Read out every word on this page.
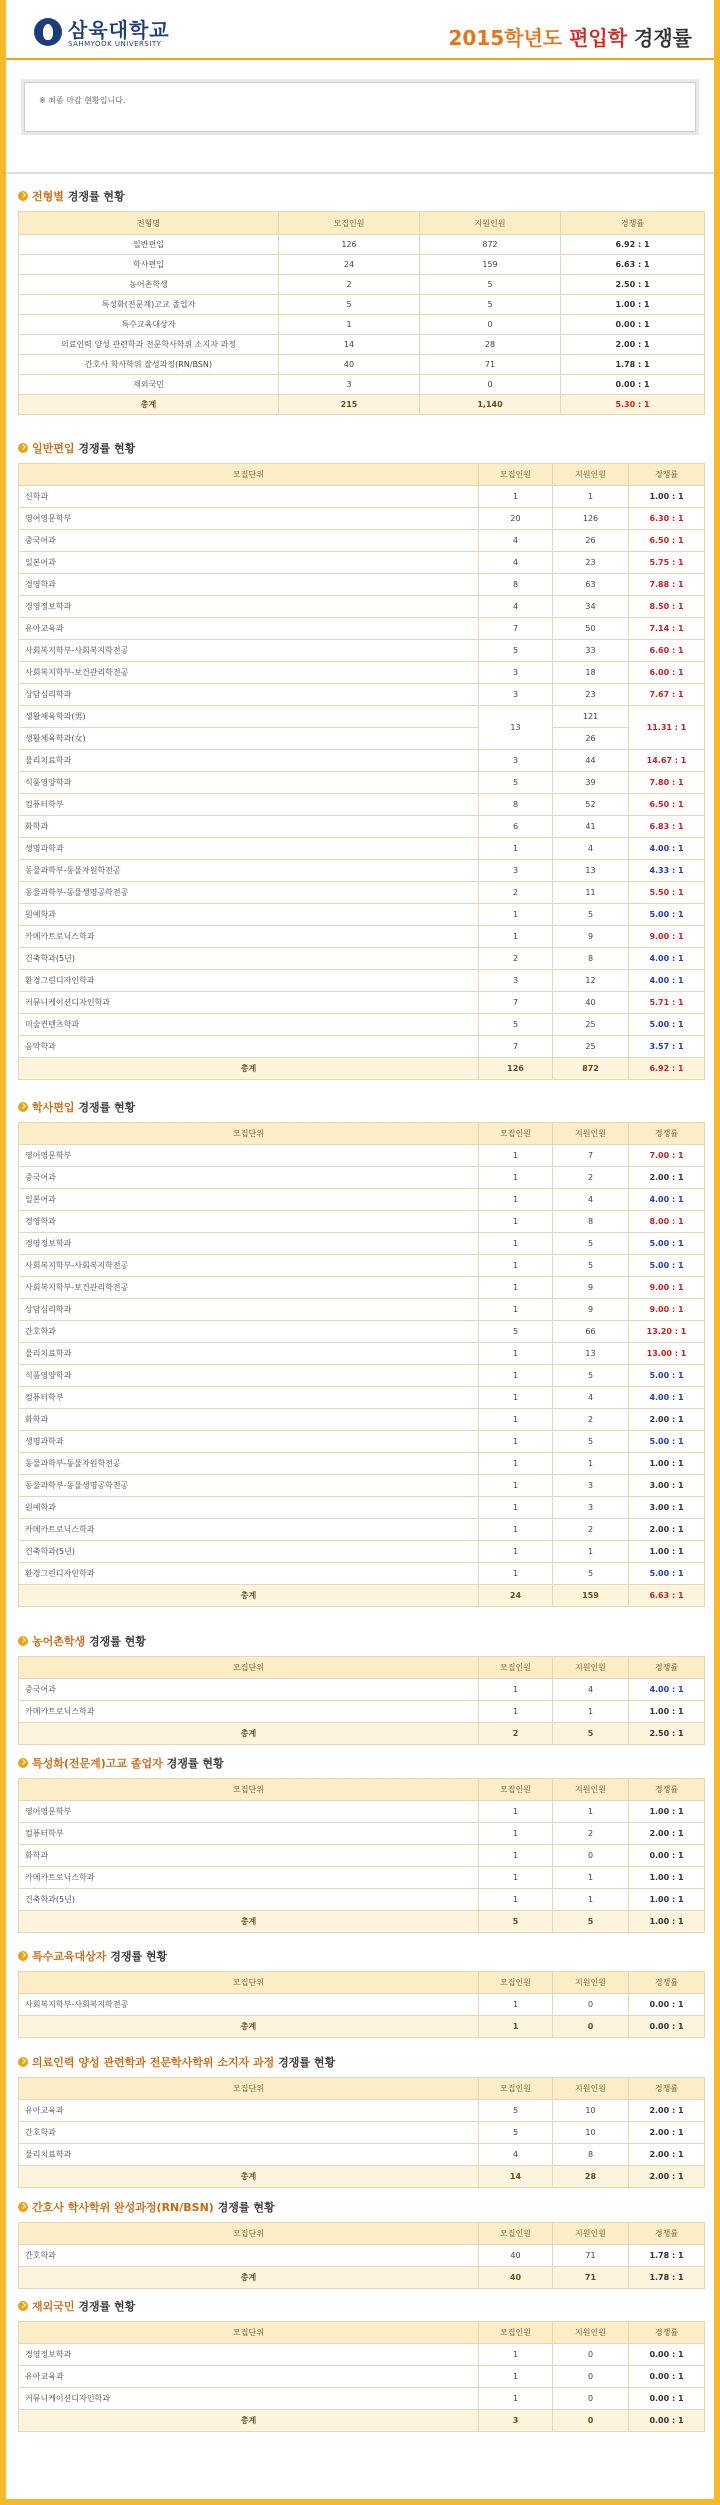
삼육대학교
SAHMYOOK UNIVERSITY	2015학년도 편입학 경쟁률
※ 최종 마감 현황입니다.
전형별 경쟁률 현황
전형명	모집인원	지원인원	경쟁률
일반편입	126	872	6.92 : 1
학사편입	24	159	6.63 : 1
농어촌학생	2	5	2.50 : 1
특성화(전문계)고교 졸업자	5	5	1.00 : 1
특수교육대상자	1	0	0.00 : 1
의료인력 양성 관련학과 전문학사학위 소지자 과정	14	28	2.00 : 1
간호사 학사학위 잘성과정(RN/BSN)	40	71	1.78 : 1
재외국민	3	0	0.00 : 1
총계	215	1,140	5.30 : 1
일반편입 경쟁률 현황
모집단위	모집인원	지원인원	경쟁률
신학과	1	1	1.00 : 1
영어영문학부	20	126	6.30 : 1
중국어과	4	26	6.50 : 1
일본어과	4	23	5.75 : 1
경영학과	8	63	7.88 : 1
경영정보학과	4	34	8.50 : 1
유아교육과	7	50	7.14 : 1
사회복지학부-사회복지학전공	5	33	6.60 : 1
사회복지학부-보건관리학전공	3	18	6.00 : 1
상담심리학과	3	23	7.67 : 1
생활체육학과(男)	13	121	11.31 : 1
생활체육학과(女)		26	
물리치료학과	3	44	14.67 : 1
식품영양학과	5	39	7.80 : 1
컴퓨터학부	8	52	6.50 : 1
화학과	6	41	6.83 : 1
생명과학과	1	4	4.00 : 1
동물과학부-동물자원학전공	3	13	4.33 : 1
동물과학부-동물생명공학전공	2	11	5.50 : 1
원예학과	1	5	5.00 : 1
카메카트로닉스학과	1	9	9.00 : 1
건축학과(5년)	2	8	4.00 : 1
환경그린디자인학과	3	12	4.00 : 1
커뮤니케이션디자인학과	7	40	5.71 : 1
미술컨텐츠학과	5	25	5.00 : 1
음악학과	7	25	3.57 : 1
총계	126	872	6.92 : 1
학사편입 경쟁률 현황
모집단위	모집인원	지원인원	경쟁률
영어영문학부	1	7	7.00 : 1
중국어과	1	2	2.00 : 1
일본어과	1	4	4.00 : 1
경영학과	1	8	8.00 : 1
경영정보학과	1	5	5.00 : 1
사회복지학부-사회복지학전공	1	5	5.00 : 1
사회복지학부-보건관리학전공	1	9	9.00 : 1
상담심리학과	1	9	9.00 : 1
간호학과	5	66	13.20 : 1
물리치료학과	1	13	13.00 : 1
식품영양학과	1	5	5.00 : 1
컴퓨터학부	1	4	4.00 : 1
화학과	1	2	2.00 : 1
생명과학과	1	5	5.00 : 1
동물과학부-동물자원학전공	1	1	1.00 : 1
동물과학부-동물생명공학전공	1	3	3.00 : 1
원예학과	1	3	3.00 : 1
카메카트로닉스학과	1	2	2.00 : 1
건축학과(5년)	1	1	1.00 : 1
환경그린디자인학과	1	5	5.00 : 1
총계	24	159	6.63 : 1
농어촌학생 경쟁률 현황
모집단위	모집인원	지원인원	경쟁률
중국어과	1	4	4.00 : 1
카메카트로닉스학과	1	1	1.00 : 1
총계	2	5	2.50 : 1
특성화(전문계)고교 졸업자 경쟁률 현황
모집단위	모집인원	지원인원	경쟁률
영어영문학부	1	1	1.00 : 1
컴퓨터학부	1	2	2.00 : 1
화학과	1	0	0.00 : 1
카메카트로닉스학과	1	1	1.00 : 1
건축학과(5년)	1	1	1.00 : 1
총계	5	5	1.00 : 1
특수교육대상자 경쟁률 현황
모집단위	모집인원	지원인원	경쟁률
사회복지학부-사회복지학전공	1	0	0.00 : 1
총계	1	0	0.00 : 1
의료인력 양성 관련학과 전문학사학위 소지자 과정 경쟁률 현황
모집단위	모집인원	지원인원	경쟁률
유아교육과	5	10	2.00 : 1
간호학과	5	10	2.00 : 1
물리치료학과	4	8	2.00 : 1
총계	14	28	2.00 : 1
간호사 학사학위 완성과정(RN/BSN) 경쟁률 현황
모집단위	모집인원	지원인원	경쟁률
간호학과	40	71	1.78 : 1
총계	40	71	1.78 : 1
재외국민 경쟁률 현황
모집단위	모집인원	지원인원	경쟁률
경영정보학과	1	0	0.00 : 1
유아교육과	1	0	0.00 : 1
커뮤니케이션디자인학과	1	0	0.00 : 1
총계	3	0	0.00 : 1
